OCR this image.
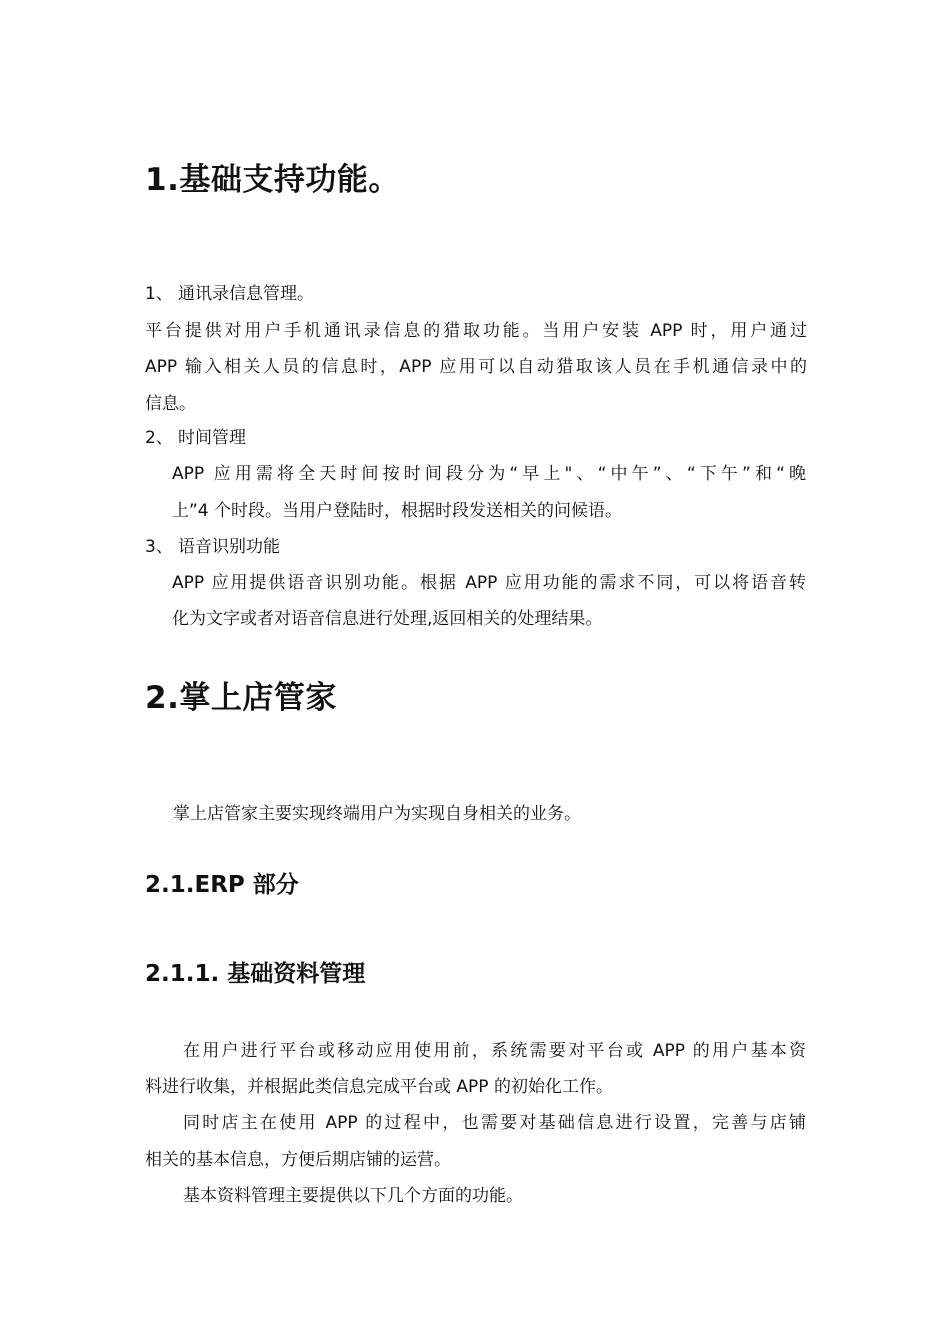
1.基础支持功能。
1、 通讯录信息管理。
平台提供对用户手机通讯录信息的猎取功能。当用户安装 APP 时，用户通过
APP 输入相关人员的信息时，APP 应用可以自动猎取该人员在手机通信录中的
信息。
2、 时间管理
APP 应用需将全天时间按时间段分为“早上"、“中午”、“下午”和“晚
上”4 个时段。当用户登陆时，根据时段发送相关的问候语。
3、 语音识别功能
APP 应用提供语音识别功能。根据 APP 应用功能的需求不同，可以将语音转
化为文字或者对语音信息进行处理,返回相关的处理结果。
2.掌上店管家
掌上店管家主要实现终端用户为实现自身相关的业务。
2.1.ERP 部分
2.1.1. 基础资料管理
在用户进行平台或移动应用使用前，系统需要对平台或 APP 的用户基本资
料进行收集，并根据此类信息完成平台或 APP 的初始化工作。
同时店主在使用 APP 的过程中，也需要对基础信息进行设置，完善与店铺
相关的基本信息，方便后期店铺的运营。
基本资料管理主要提供以下几个方面的功能。
